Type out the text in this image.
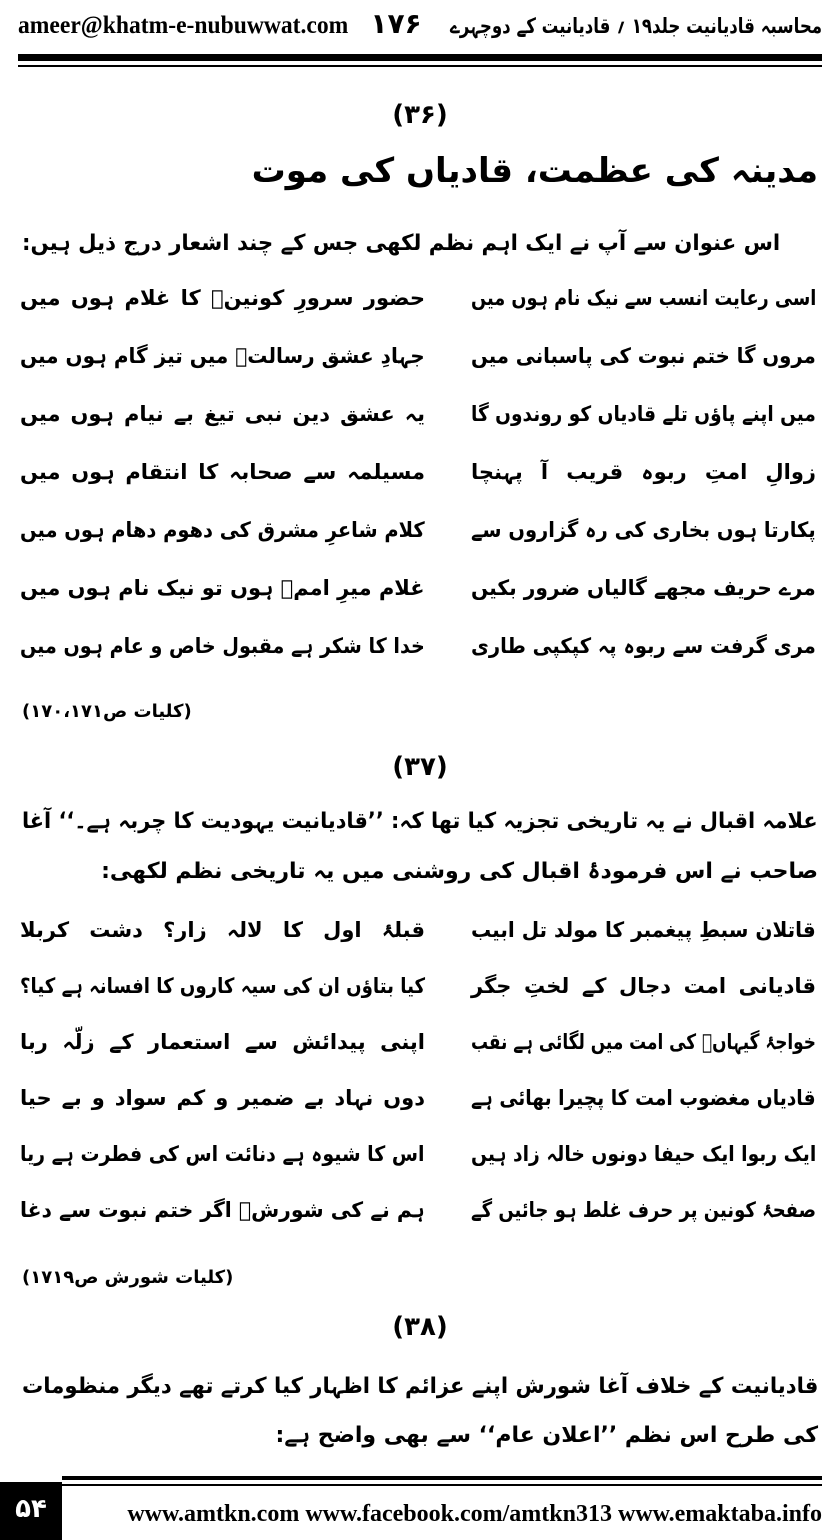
ameer@khatm-e-nubuwwat.com ۱۷۶ محاسبہ قادیانیت جلد۱۹ ؍ قادیانیت کے دوچہرے
(۳۶)
مدینہ کی عظمت، قادیاں کی موت
اس عنوان سے آپ نے ایک اہم نظم لکھی جس کے چند اشعار درج ذیل ہیں:
اسی رعایت انسب سے نیک نام ہوں میں
حضور سرورِ کونینؐ کا غلام ہوں میں
مروں گا ختم نبوت کی پاسبانی میں
جہادِ عشق رسالتؐ میں تیز گام ہوں میں
میں اپنے پاؤں تلے قادیاں کو روندوں گا
یہ عشق دین نبی تیغ بے نیام ہوں میں
زوالِ امتِ ربوہ قریب آ پہنچا
مسیلمہ سے صحابہ کا انتقام ہوں میں
پکارتا ہوں بخاری کی رہ گزاروں سے
کلام شاعرِ مشرق کی دھوم دھام ہوں میں
مرے حریف مجھے گالیاں ضرور بکیں
غلام میرِ اممؐ ہوں تو نیک نام ہوں میں
مری گرفت سے ربوہ پہ کپکپی طاری
خدا کا شکر ہے مقبول خاص و عام ہوں میں
(کلیات ص۱۷۰،۱۷۱)
(۳۷)
علامہ اقبال نے یہ تاریخی تجزیہ کیا تھا کہ: ’’قادیانیت یہودیت کا چربہ ہے۔‘‘ آغا
صاحب نے اس فرمودۂ اقبال کی روشنی میں یہ تاریخی نظم لکھی:
قاتلان سبطِ پیغمبر کا مولد تل ابیب
قبلۂ اول کا لالہ زار؟ دشت کربلا
قادیانی امت دجال کے لختِ جگر
کیا بتاؤں ان کی سیہ کاروں کا افسانہ ہے کیا؟
خواجۂ گیہاںؐ کی امت میں لگائی ہے نقب
اپنی پیدائش سے استعمار کے زلّہ ربا
قادیاں مغضوب امت کا پچیرا بھائی ہے
دوں نہاد بے ضمیر و کم سواد و بے حیا
ایک ربوا ایک حیفا دونوں خالہ زاد ہیں
اس کا شیوہ ہے دنائت اس کی فطرت ہے ریا
صفحۂ کونین پر حرف غلط ہو جائیں گے
ہم نے کی شورشؔ اگر ختم نبوت سے دغا
(کلیات شورش ص۱۷۱۹)
(۳۸)
قادیانیت کے خلاف آغا شورش اپنے عزائم کا اظہار کیا کرتے تھے دیگر منظومات
کی طرح اس نظم ’’اعلان عام‘‘ سے بھی واضح ہے:
۵۴	www.amtkn.com www.facebook.com/amtkn313 www.emaktaba.info
